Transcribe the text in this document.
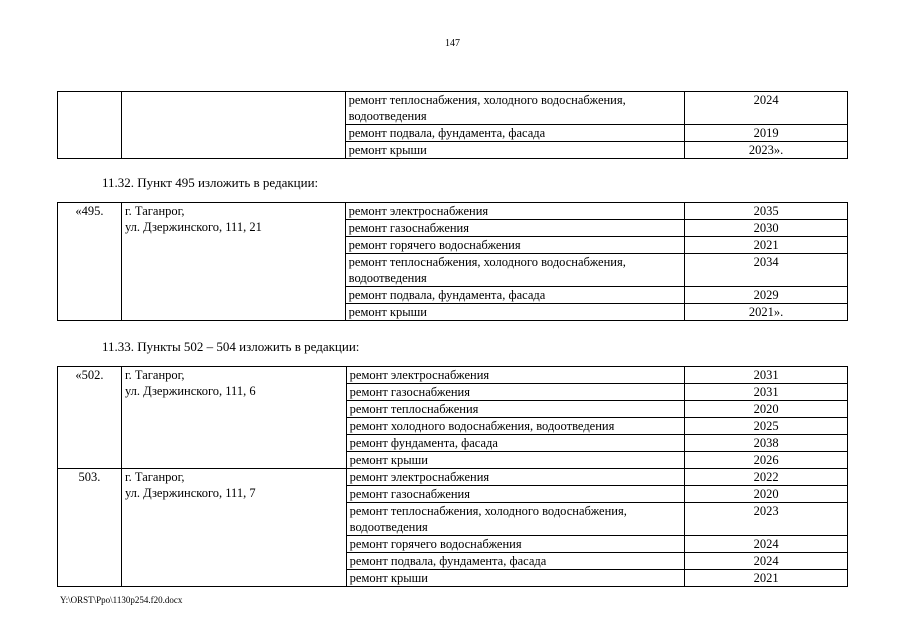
147
		ремонт теплоснабжения, холодного водоснабжения, водоотведения	2024
		ремонт подвала, фундамента, фасада	2019
		ремонт крыши	2023».
11.32. Пункт 495 изложить в редакции:
«495.	г. Таганрог,
ул. Дзержинского, 111, 21	ремонт электроснабжения	2035
		ремонт газоснабжения	2030
		ремонт горячего водоснабжения	2021
		ремонт теплоснабжения, холодного водоснабжения, водоотведения	2034
		ремонт подвала, фундамента, фасада	2029
		ремонт крыши	2021».
11.33. Пункты 502 – 504 изложить в редакции:
«502.	г. Таганрог,
ул. Дзержинского, 111, 6	ремонт электроснабжения	2031
		ремонт газоснабжения	2031
		ремонт теплоснабжения	2020
		ремонт холодного водоснабжения, водоотведения	2025
		ремонт фундамента, фасада	2038
		ремонт крыши	2026
503.	г. Таганрог,
ул. Дзержинского, 111, 7	ремонт электроснабжения	2022
		ремонт газоснабжения	2020
		ремонт теплоснабжения, холодного водоснабжения, водоотведения	2023
		ремонт горячего водоснабжения	2024
		ремонт подвала, фундамента, фасада	2024
		ремонт крыши	2021
Y:\ORST\Ppo\1130p254.f20.docx
